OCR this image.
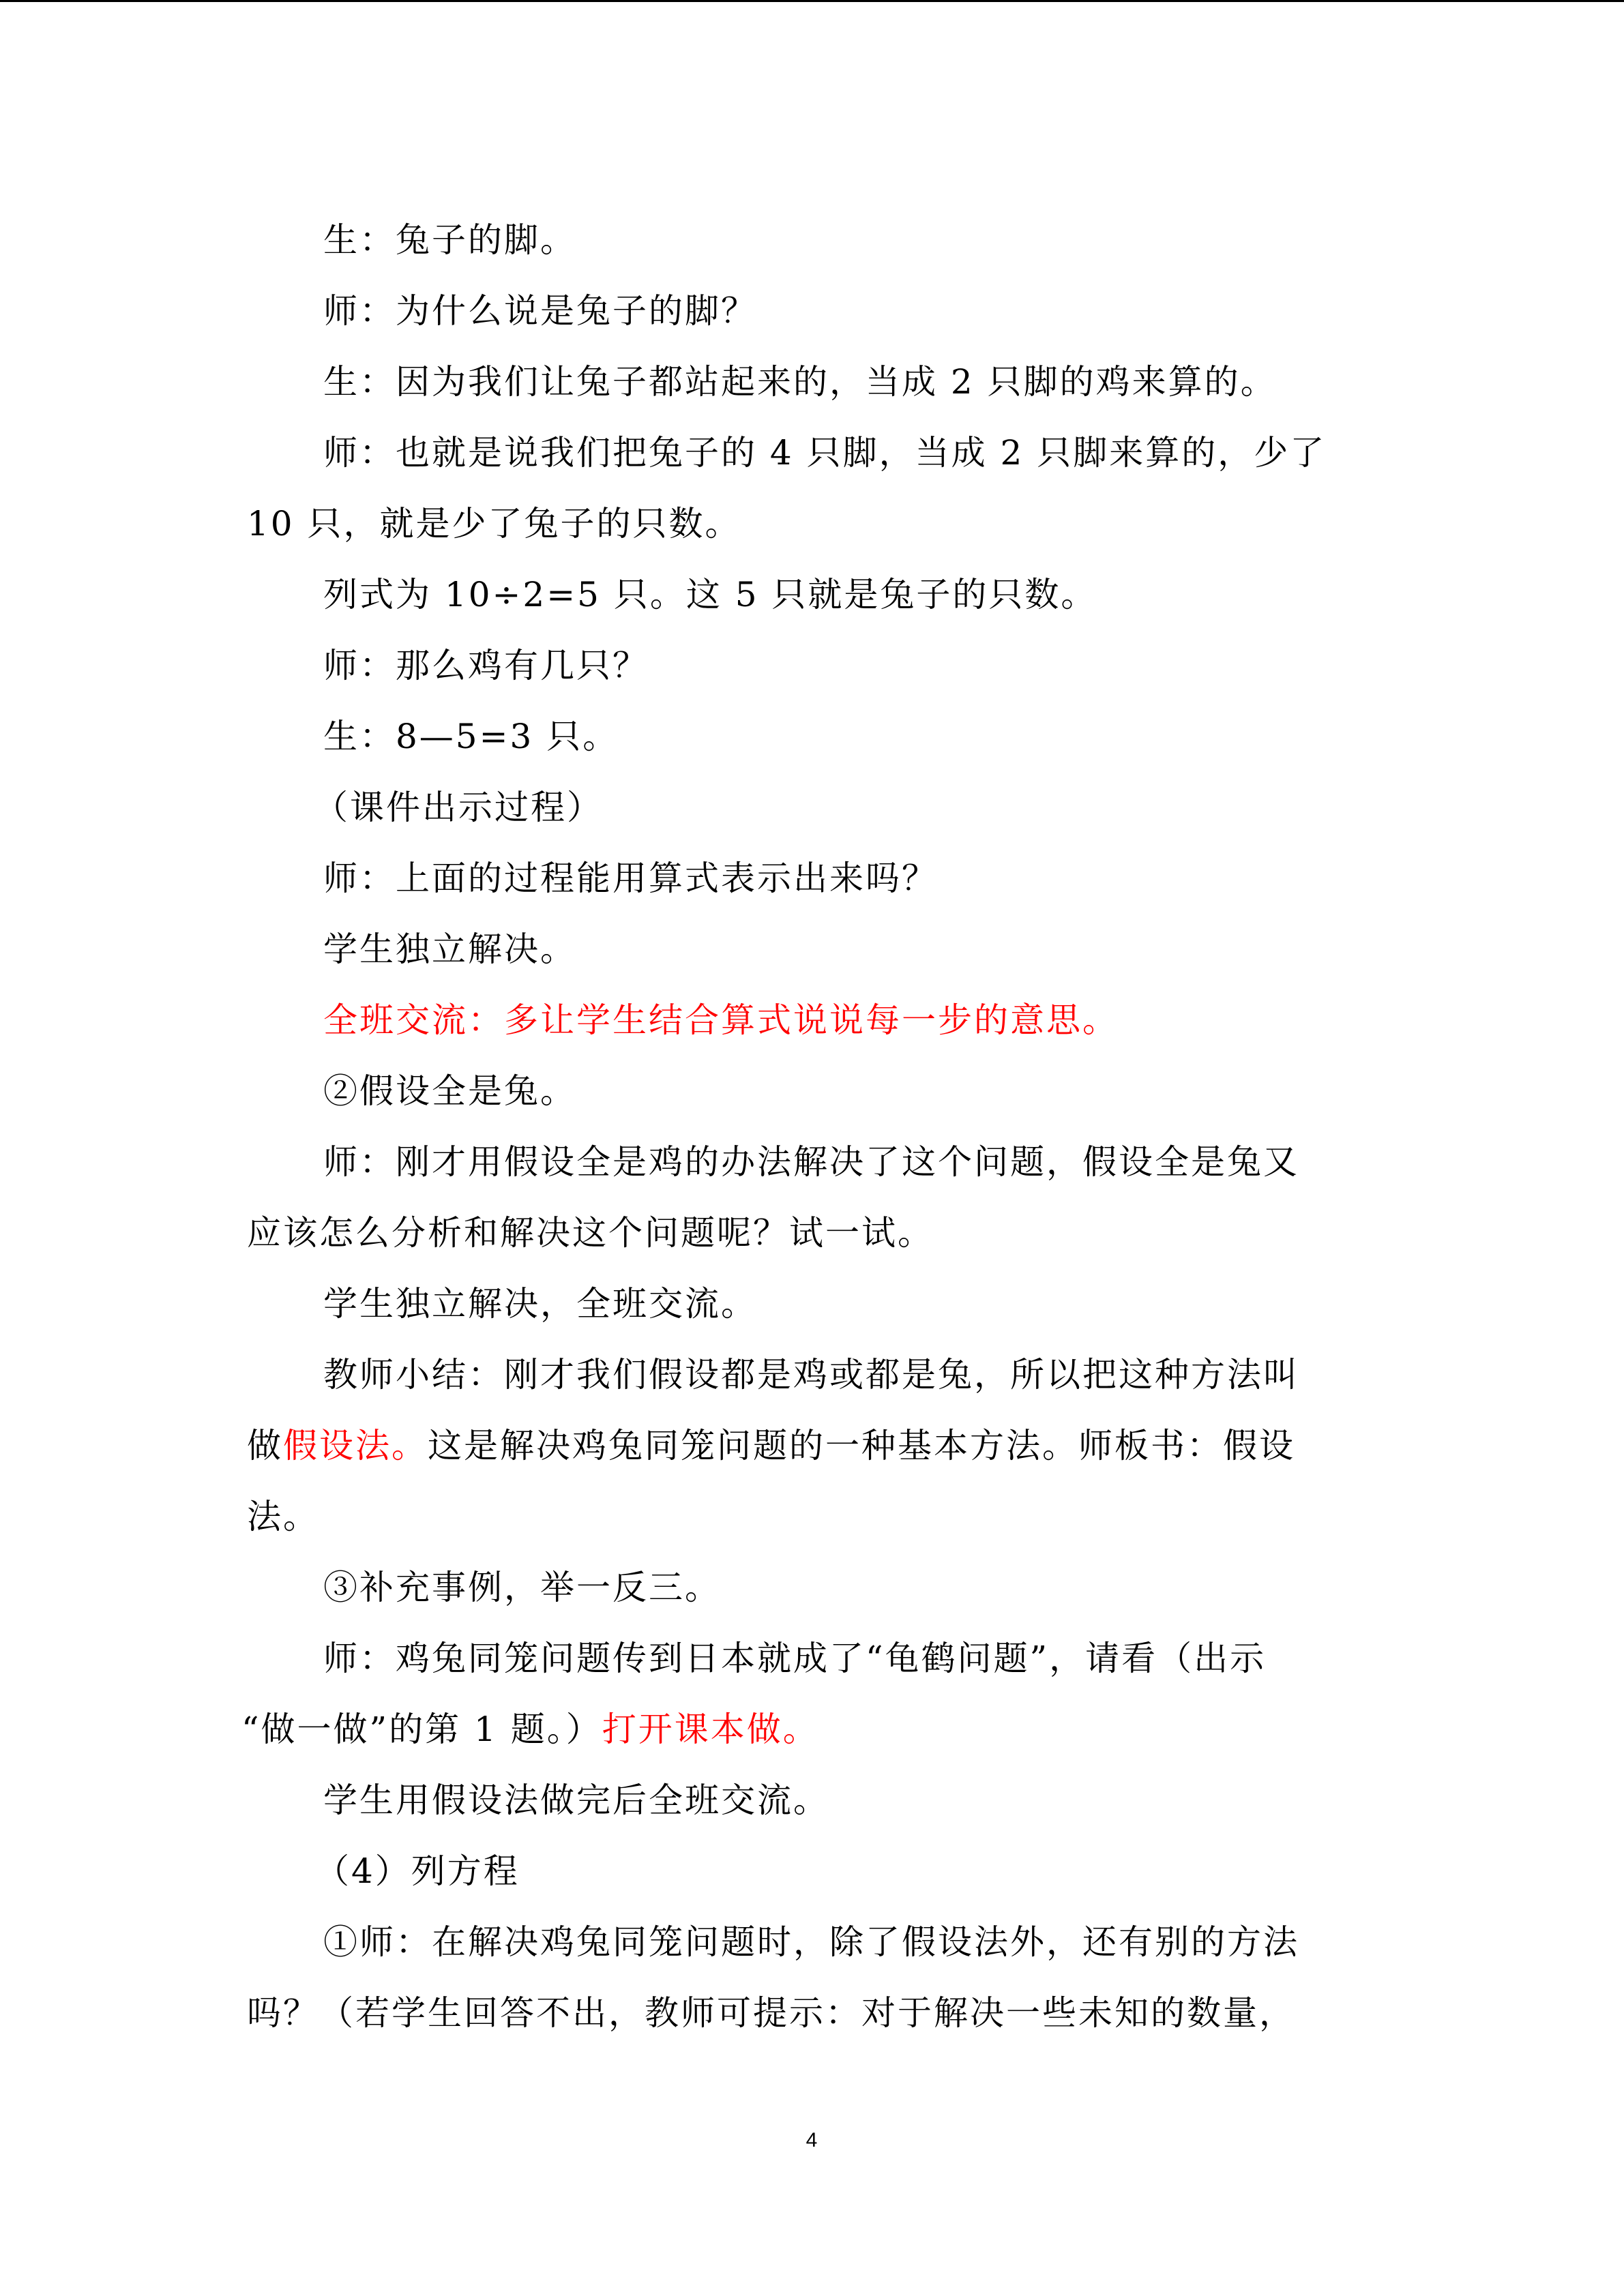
生：兔子的脚。
师：为什么说是兔子的脚？
生：因为我们让兔子都站起来的，当成 2 只脚的鸡来算的。
师：也就是说我们把兔子的 4 只脚，当成 2 只脚来算的，少了
10 只，就是少了兔子的只数。
列式为 10÷2=5 只。这 5 只就是兔子的只数。
师：那么鸡有几只？
生：8—5=3 只。
（课件出示过程）
师：上面的过程能用算式表示出来吗？
学生独立解决。
全班交流：多让学生结合算式说说每一步的意思。
②假设全是兔。
师：刚才用假设全是鸡的办法解决了这个问题，假设全是兔又
应该怎么分析和解决这个问题呢？试一试。
学生独立解决，全班交流。
教师小结：刚才我们假设都是鸡或都是兔，所以把这种方法叫
做假设法。这是解决鸡兔同笼问题的一种基本方法。师板书：假设
法。
③补充事例，举一反三。
师：鸡兔同笼问题传到日本就成了“龟鹤问题”，请看（出示
“做一做”的第 1 题。）打开课本做。
学生用假设法做完后全班交流。
（4）列方程
①师：在解决鸡兔同笼问题时，除了假设法外，还有别的方法
吗？（若学生回答不出，教师可提示：对于解决一些未知的数量，
4
